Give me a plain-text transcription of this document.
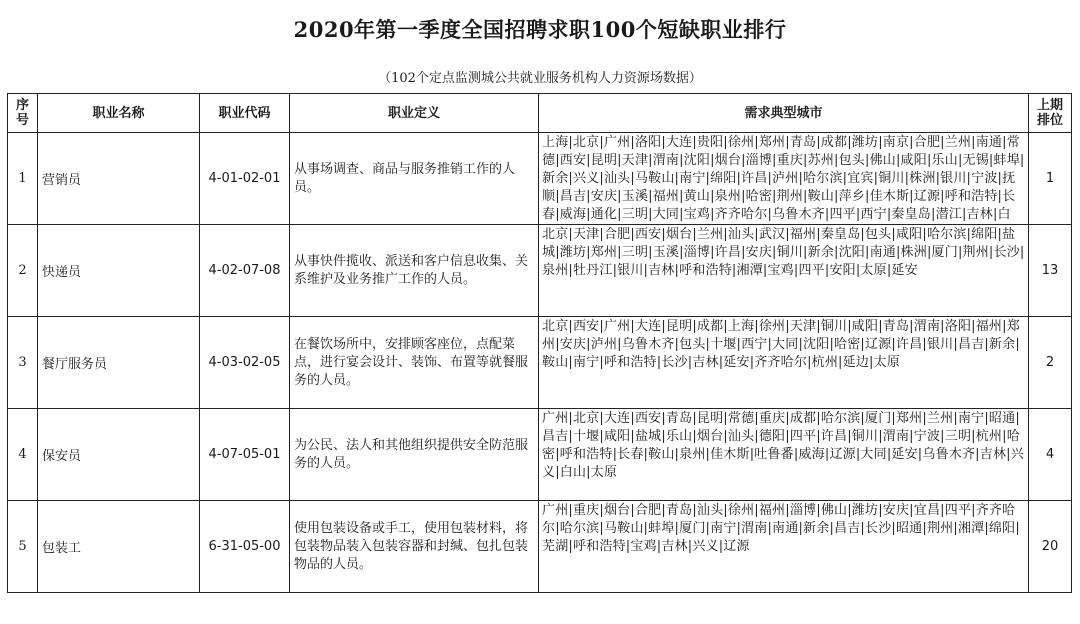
2020年第一季度全国招聘求职100个短缺职业排行
（102个定点监测城公共就业服务机构人力资源场数据）
序号	职业名称	职业代码	职业定义	需求典型城市	上期排位
1	营销员	4-01-02-01	从事场调查、商品与服务推销工作的人员。	上海|北京|广州|洛阳|大连|贵阳|徐州|郑州|青岛|成都|潍坊|南京|合肥|兰州|南通|常德|西安|昆明|天津|渭南|沈阳|烟台|淄博|重庆|苏州|包头|佛山|咸阳|乐山|无锡|蚌埠|新余|兴义|汕头|马鞍山|南宁|绵阳|许昌|泸州|哈尔滨|宜宾|铜川|株洲|银川|宁波|抚顺|昌吉|安庆|玉溪|福州|黄山|泉州|哈密|荆州|鞍山|萍乡|佳木斯|辽源|呼和浩特|长春|威海|通化|三明|大同|宝鸡|齐齐哈尔|乌鲁木齐|四平|西宁|秦皇岛|潜江|吉林|白	1
2	快递员	4-02-07-08	从事快件揽收、派送和客户信息收集、关系维护及业务推广工作的人员。	北京|天津|合肥|西安|烟台|兰州|汕头|武汉|福州|秦皇岛|包头|咸阳|哈尔滨|绵阳|盐城|潍坊|郑州|三明|玉溪|淄博|许昌|安庆|铜川|新余|沈阳|南通|株洲|厦门|荆州|长沙|泉州|牡丹江|银川|吉林|呼和浩特|湘潭|宝鸡|四平|安阳|太原|延安	13
3	餐厅服务员	4-03-02-05	在餐饮场所中，安排顾客座位，点配菜点，进行宴会设计、装饰、布置等就餐服务的人员。	北京|西安|广州|大连|昆明|成都|上海|徐州|天津|铜川|咸阳|青岛|渭南|洛阳|福州|郑州|安庆|泸州|乌鲁木齐|包头|十堰|西宁|大同|沈阳|哈密|辽源|许昌|银川|昌吉|新余|鞍山|南宁|呼和浩特|长沙|吉林|延安|齐齐哈尔|杭州|延边|太原	2
4	保安员	4-07-05-01	为公民、法人和其他组织提供安全防范服务的人员。	广州|北京|大连|西安|青岛|昆明|常德|重庆|成都|哈尔滨|厦门|郑州|兰州|南宁|昭通|昌吉|十堰|咸阳|盐城|乐山|烟台|汕头|德阳|四平|许昌|铜川|渭南|宁波|三明|杭州|哈密|呼和浩特|长春|鞍山|泉州|佳木斯|吐鲁番|威海|辽源|大同|延安|乌鲁木齐|吉林|兴义|白山|太原	4
5	包装工	6-31-05-00	使用包装设备或手工，使用包装材料，将包装物品装入包装容器和封缄、包扎包装物品的人员。	广州|重庆|烟台|合肥|青岛|汕头|徐州|福州|淄博|佛山|潍坊|安庆|宜昌|四平|齐齐哈尔|哈尔滨|马鞍山|蚌埠|厦门|南宁|渭南|南通|新余|昌吉|长沙|昭通|荆州|湘潭|绵阳|芜湖|呼和浩特|宝鸡|吉林|兴义|辽源	20
